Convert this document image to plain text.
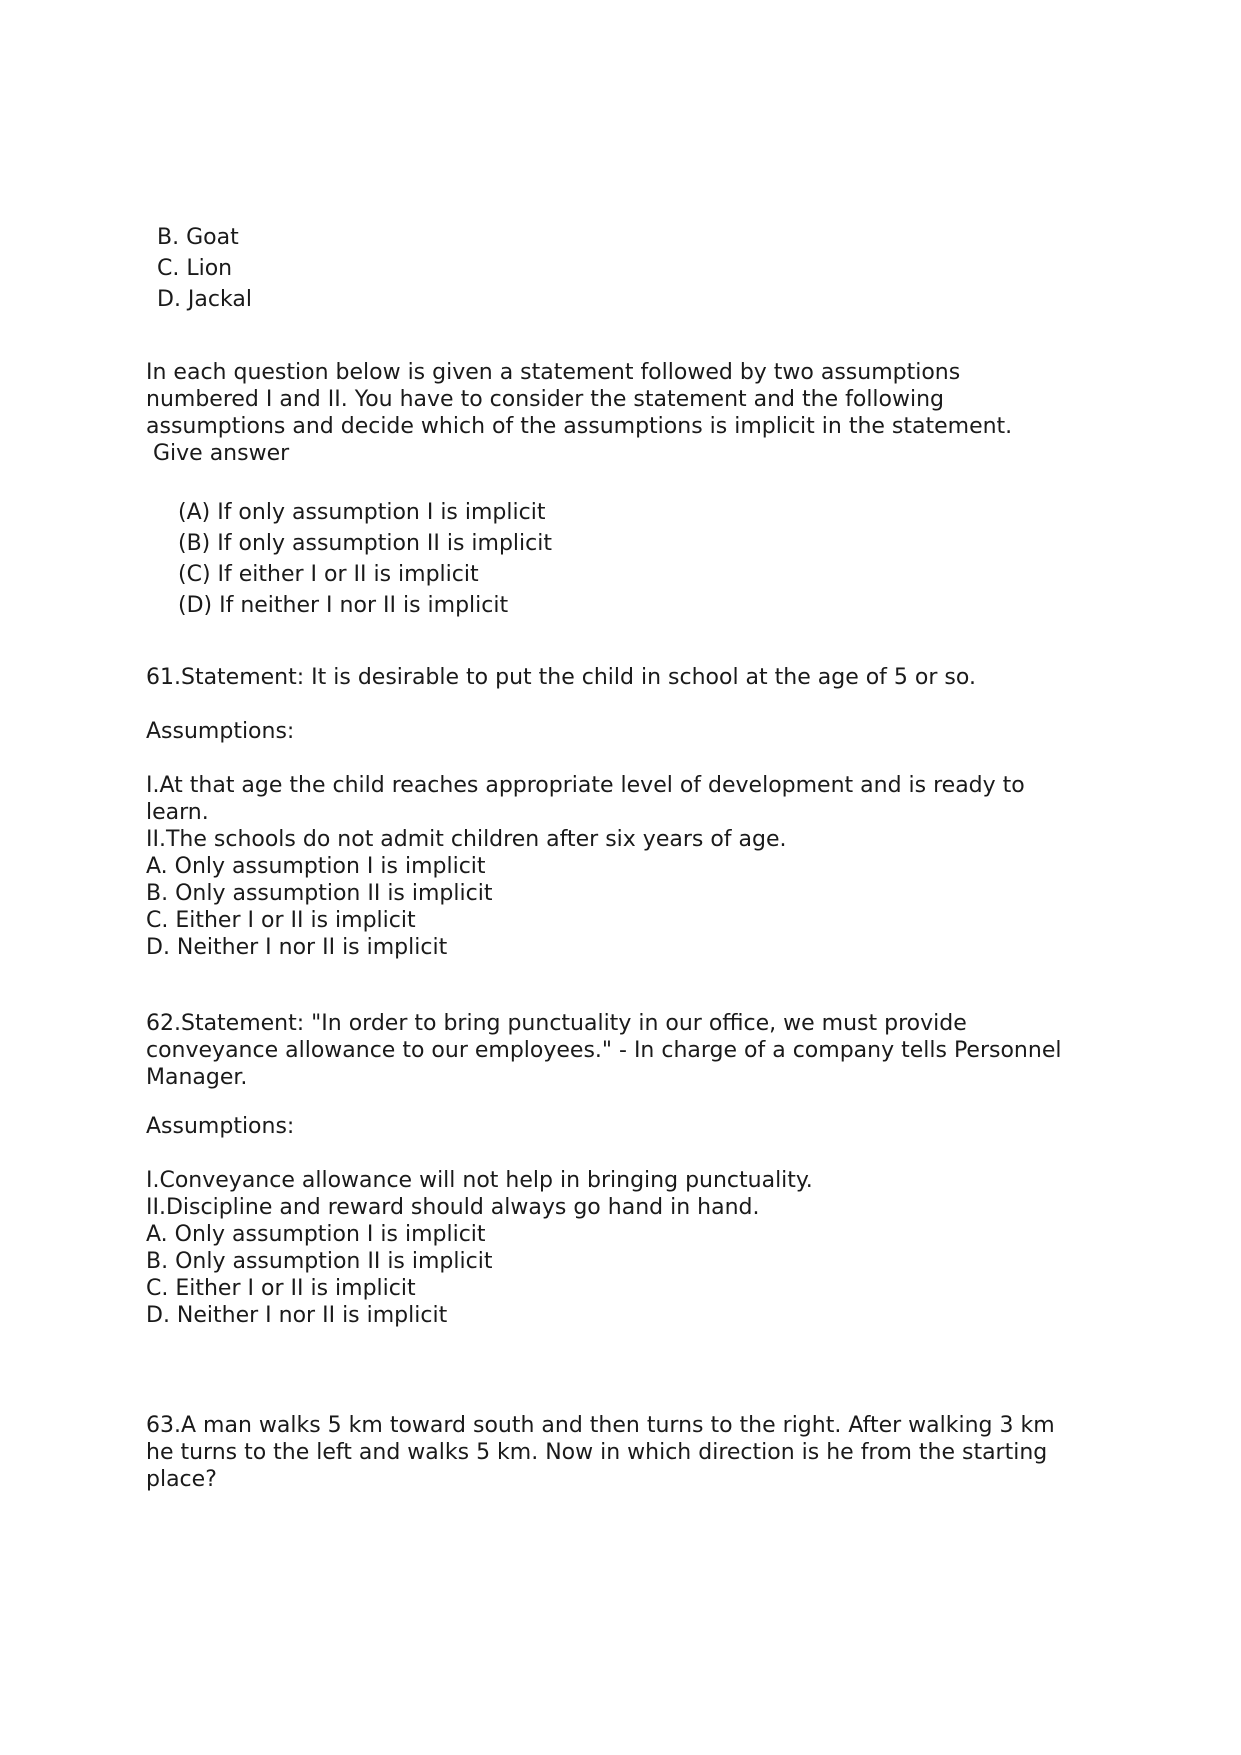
B. Goat
C. Lion
D. Jackal
In each question below is given a statement followed by two assumptions
numbered I and II. You have to consider the statement and the following
assumptions and decide which of the assumptions is implicit in the statement.
Give answer
(A) If only assumption I is implicit
(B) If only assumption II is implicit
(C) If either I or II is implicit
(D) If neither I nor II is implicit
61.Statement: It is desirable to put the child in school at the age of 5 or so.
Assumptions:
I.At that age the child reaches appropriate level of development and is ready to
learn.
II.The schools do not admit children after six years of age.
A. Only assumption I is implicit
B. Only assumption II is implicit
C. Either I or II is implicit
D. Neither I nor II is implicit
62.Statement: "In order to bring punctuality in our office, we must provide
conveyance allowance to our employees." - In charge of a company tells Personnel
Manager.
Assumptions:
I.Conveyance allowance will not help in bringing punctuality.
II.Discipline and reward should always go hand in hand.
A. Only assumption I is implicit
B. Only assumption II is implicit
C. Either I or II is implicit
D. Neither I nor II is implicit
63.A man walks 5 km toward south and then turns to the right. After walking 3 km
he turns to the left and walks 5 km. Now in which direction is he from the starting
place?
